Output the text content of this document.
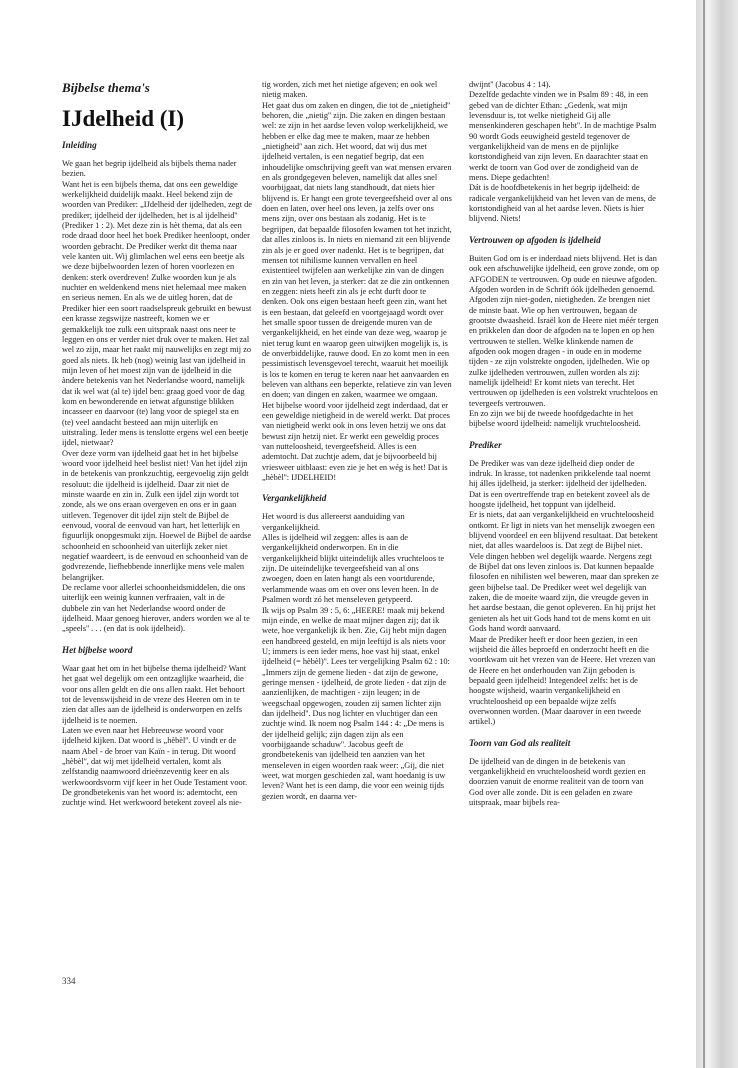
Bijbelse thema's
IJdelheid (I)
Inleiding

We gaan het begrip ijdelheid als bijbels thema nader bezien.

Want het is een bijbels thema, dat ons een geweldige werkelijkheid duidelijk maakt. Heel bekend zijn de woorden van Prediker: „IJdelheid der ijdelheden, zegt de prediker; ijdelheid der ijdelheden, het is al ijdelheid'' (Prediker 1 : 2). Met deze zin is hèt thema, dat als een rode draad door heel het boek Prediker heenloopt, onder woorden gebracht. De Prediker werkt dit thema naar vele kanten uit. Wij glimlachen wel eens een beetje als we deze bijbelwoorden lezen of horen voorlezen en denken: sterk overdreven! Zulke woorden kun je als nuchter en weldenkend mens niet helemaal mee maken en serieus nemen. En als we de uitleg horen, dat de Prediker hier een soort raadselspreuk gebruikt en bewust een krasse zegswijze nastreeft, komen we er gemakkelijk toe zulk een uitspraak naast ons neer te leggen en ons er verder niet druk over te maken. Het zal wel zo zijn, maar het raakt mij nauwelijks en zegt mij zo goed als niets. Ik heb (nog) weinig last van ijdelheid in mijn leven of het moest zijn van de ijdelheid in die àndere betekenis van het Nederlandse woord, namelijk dat ik wel wat (al te) ijdel ben: graag goed voor de dag kom en bewonderende en ietwat afgunstige blikken incasseer en daarvoor (te) lang voor de spiegel sta en (te) veel aandacht besteed aan mijn uiterlijk en uitstraling. Ieder mens is tenslotte ergens wel een beetje ijdel, nietwaar?

Over deze vorm van ijdelheid gaat het in het bijbelse woord voor ijdelheid heel beslist niet! Van het ijdel zijn in de betekenis van pronkzuchtig, eergevoelig zijn geldt resoluut: die ijdelheid is ijdelheid. Daar zit niet de minste waarde en zin in. Zulk een ijdel zijn wordt tot zonde, als we ons eraan overgeven en ons er in gaan uitleven. Tegenover dit ijdel zijn stelt de Bijbel de eenvoud, vooral de eenvoud van hart, het letterlijk en figuurlijk onopgesmukt zijn. Hoewel de Bijbel de aardse schoonheid en schoonheid van uiterlijk zeker niet negatief waardeert, is de eenvoud en schoonheid van de godvrezende, liefhebbende innerlijke mens vele malen belangrijker.

De reclame voor allerlei schoonheidsmiddelen, die ons uiterlijk een weinig kunnen verfraaien, valt in de dubbele zin van het Nederlandse woord onder de ijdelheid. Maar genoeg hierover, anders worden we al te „speels'' . . . (en dat is ook ijdelheid).

Het bijbelse woord

Waar gaat het om in het bijbelse thema ijdelheid? Want het gaat wel degelijk om een ontzaglijke waarheid, die voor ons allen geldt en die ons allen raakt. Het behoort tot de levenswijsheid in de vreze des Heeren om in te zien dat alles aan de ijdelheid is onderworpen en zelfs ijdelheid is te noemen.

Laten we even naar het Hebreeuwse woord voor ijdelheid kijken. Dat woord is „hèbèl''. U vindt er de naam Abel - de broer van Kaïn - in terug. Dit woord „hèbèl'', dat wij met ijdelheid vertalen, komt als zelfstandig naamwoord drieënzeventig keer en als werkwoordsvorm vijf keer in het Oude Testament voor. De grondbetekenis van het woord is: ademtocht, een zuchtje wind. Het werkwoord betekent zoveel als nie-

tig worden, zich met het nietige afgeven; en ook wel nietig maken.

Het gaat dus om zaken en dingen, die tot de „nietigheid'' behoren, die „nietig'' zijn. Die zaken en dingen bestaan wel: ze zijn in het aardse leven volop werkelijkheid, we hebben er elke dag mee te maken, maar ze hebben „nietigheid'' aan zich. Het woord, dat wij dus met ijdelheid vertalen, is een negatief begrip, dat een inhoudelijke omschrijving geeft van wat mensen ervaren en als grondgegeven beleven, namelijk dat alles snel voorbijgaat, dat niets lang standhoudt, dat niets hier blijvend is. Er hangt een grote tevergeefsheid over al ons doen en laten, over heel ons leven, ja zelfs over ons mens zijn, over ons bestaan als zodanig. Het is te begrijpen, dat bepaalde filosofen kwamen tot het inzicht, dat alles zinloos is. In niets en niemand zit een blijvende zin als je er goed over nadenkt. Het is te begrijpen, dat mensen tot nihilisme kunnen vervallen en heel existentieel twijfelen aan werkelijke zin van de dingen en zin van het leven, ja sterker: dat ze die zin ontkennen en zeggen: niets heeft zin als je echt durft door te denken. Ook ons eigen bestaan heeft geen zin, want het is een bestaan, dat geleefd en voortgejaagd wordt over het smalle spoor tussen de dreigende muren van de vergankelijkheid, en het einde van deze weg, waarop je niet terug kunt en waarop geen uitwijken mogelijk is, is de onverbiddelijke, rauwe dood. En zo komt men in een pessimistisch levensgevoel terecht, waaruit het moeilijk is los te komen en terug te keren naar het aanvaarden en beleven van althans een beperkte, relatieve zin van leven en doen; van dingen en zaken, waarmee we omgaan.

Het bijbelse woord voor ijdelheid zegt inderdaad, dat er een geweldige nietigheid in de wereld werkt. Dat proces van nietigheid werkt ook in ons leven hetzij we ons dat bewust zijn hetzij niet. Er werkt een geweldig proces van nutteloosheid, tevergeefsheid. Alles is een ademtocht. Dat zuchtje adem, dat je bijvoorbeeld bij vriesweer uitblaast: even zie je het en wég is het! Dat is „hèbèl'': IJDELHEID!

Vergankelijkheid

Het woord is dus allereerst aanduiding van vergankelijkheid.

Alles is ijdelheid wil zeggen: alles is aan de vergankelijkheid onderworpen. En in die vergankelijkheid blijkt uiteindelijk alles vruchteloos te zijn. De uiteindelijke tevergeefsheid van al ons zwoegen, doen en laten hangt als een voortdurende, verlammende waas om en over ons leven heen. In de Psalmen wordt zó het menseleven getypeerd.

Ik wijs op Psalm 39 : 5, 6: „HEERE! maak mij bekend mijn einde, en welke de maat mijner dagen zij; dat ik wete, hoe vergankelijk ik ben. Zie, Gij hebt mijn dagen een handbreed gesteld, en mijn leeftijd is als niets voor U; immers is een ieder mens, hoe vast hij staat, enkel ijdelheid (= hèbèl)''. Lees ter vergelijking Psalm 62 : 10: „Immers zijn de gemene lieden - dat zijn de gewone, geringe mensen - ijdelheid, de grote lieden - dat zijn de aanzienlijken, de machtigen - zijn leugen; in de weegschaal opgewogen, zouden zij samen lichter zijn dan ijdelheid''. Dus nog lichter en vluchtiger dan een zuchtje wind. Ik noem nog Psalm 144 : 4: „De mens is der ijdelheid gelijk; zijn dagen zijn als een voorbijgaande schaduw''. Jacobus geeft de grondbetekenis van ijdelheid ten aanzien van het menseleven in eigen woorden raak weer: „Gij, die niet weet, wat morgen geschieden zal, want hoedanig is uw leven? Want het is een damp, die voor een weinig tijds gezien wordt, en daarna ver-

dwijnt'' (Jacobus 4 : 14).

Dezelfde gedachte vinden we in Psalm 89 : 48, in een gebed van de dichter Ethan: „Gedenk, wat mijn levensduur is, tot welke nietigheid Gij alle mensenkinderen geschapen hebt''. In de machtige Psalm 90 wordt Gods eeuwigheid gesteld tegenover de vergankelijkheid van de mens en de pijnlijke kortstondigheid van zijn leven. En daarachter staat en werkt de toorn van God over de zondigheid van de mens. Diepe gedachten!

Dát is de hoofdbetekenis in het begrip ijdelheid: de radicale vergankelijkheid van het leven van de mens, de kortstondigheid van al het aardse leven. Niets is hier blijvend. Niets!

Vertrouwen op afgoden is ijdelheid

Buiten God om is er inderdaad niets blijvend. Het is dan ook een afschuwelijke ijdelheid, een grove zonde, om op AFGODEN te vertrouwen. Op oude en nieuwe afgoden. Afgoden worden in de Schrift óók ijdelheden genoemd. Afgoden zijn niet-goden, nietigheden. Ze brengen niet de minste baat. Wie op hen vertrouwen, begaan de grootste dwaasheid. Israël kon de Heere niet méér tergen en prikkelen dan door de afgoden na te lopen en op hen vertrouwen te stellen. Welke klinkende namen de afgoden ook mogen dragen - in oude en in moderne tijden - ze zijn volstrekte ongoden, ijdelheden. Wie op zulke ijdelheden vertrouwen, zullen worden als zij: namelijk ijdelheid! Er komt niets van terecht. Het vertrouwen op ijdelheden is een volstrekt vruchteloos en tevergeefs vertrouwen.

En zo zijn we bij de tweede hoofdgedachte in het bijbelse woord ijdelheid: namelijk vruchteloosheid.

Prediker

De Prediker was van deze ijdelheid diep onder de indruk. In krasse, tot nadenken prikkelende taal noemt hij álles ijdelheid, ja sterker: ijdelheid der ijdelheden. Dat is een overtreffende trap en betekent zoveel als de hoogste ijdelheid, het toppunt van ijdelheid.

Er is niets, dat aan vergankelijkheid en vruchteloosheid ontkomt. Er ligt in niets van het menselijk zwoegen een blijvend voordeel en een blijvend resultaat. Dat betekent niet, dat alles waardeloos is. Dat zegt de Bijbel niet. Vele dingen hebben wel degelijk waarde. Nergens zegt de Bijbel dat ons leven zinloos is. Dat kunnen bepaalde filosofen en nihilisten wel beweren, maar dan spreken ze geen bijbelse taal. De Prediker weet wel degelijk van zaken, die de moeite waard zijn, die vreugde geven in het aardse bestaan, die genot opleveren. En hij prijst het genieten als het uit Gods hand tot de mens komt en uit Gods hand wordt aanvaard.

Maar de Prediker heeft er door heen gezien, in een wijsheid die álles beproefd en onderzocht heeft en die voortkwam uit het vrezen van de Heere. Het vrezen van de Heere en het onderhouden van Zijn geboden is bepaald geen ijdelheid! Integendeel zelfs: het is de hoogste wijsheid, waarin vergankelijkheid en vruchteloosheid op een bepaalde wijze zelfs overwonnen worden. (Maar daarover in een tweede artikel.)

Toorn van God als realiteit

De ijdelheid van de dingen in de betekenis van vergankelijkheid en vruchteloosheid wordt gezien en doorzien vanuit de enorme realiteit van de toorn van God over alle zonde. Dit is een geladen en zware uitspraak, maar bijbels rea-

334
